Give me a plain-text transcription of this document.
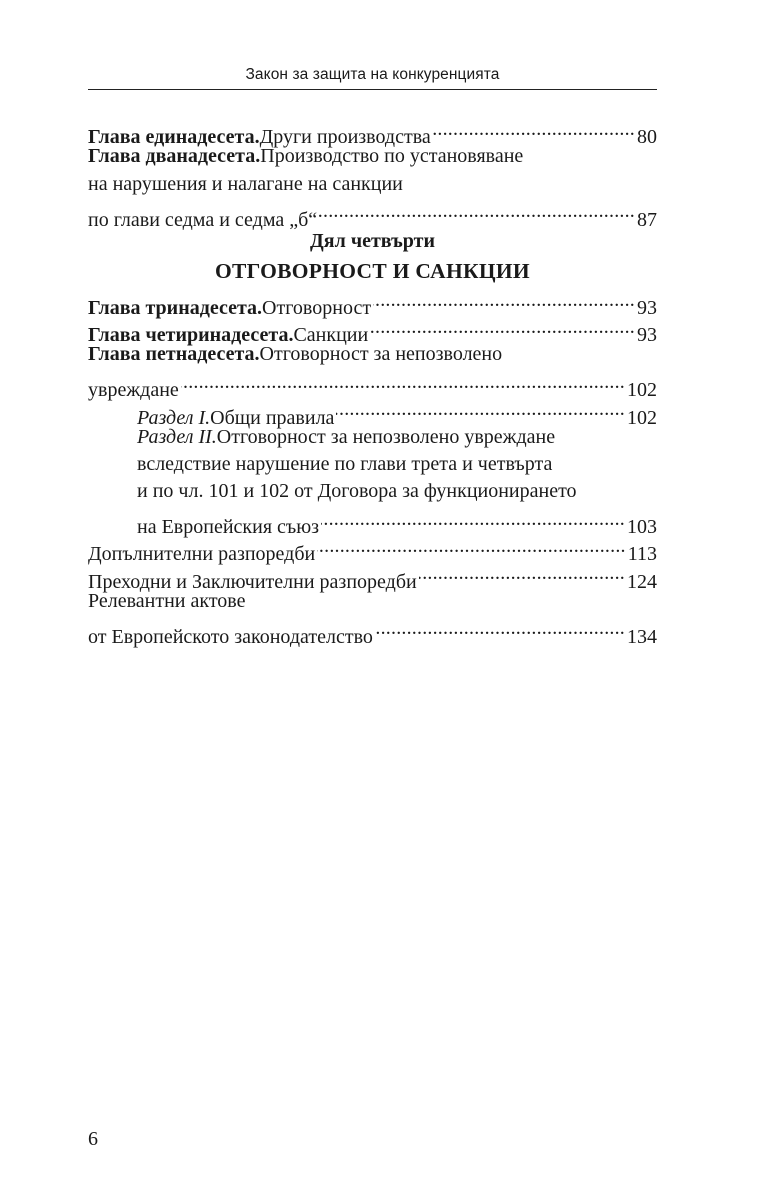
Закон за защита на конкуренцията
Глава единадесета. Други производства .....	80
Глава дванадесета. Производство по установяване
на нарушения и налагане на санкции
по глави седма и седма „б“ .....	87
Дял четвърти
ОТГОВОРНОСТ И САНКЦИИ
Глава тринадесета. Отговорност .....	93
Глава четиринадесета. Санкции .....	93
Глава петнадесета. Отговорност за непозволено
увреждане .....	102
Раздел I. Общи правила .....	102
Раздел II. Отговорност за непозволено увреждане
вследствие нарушение по глави трета и четвърта
и по чл. 101 и 102 от Договора за функционирането
на Европейския съюз .....	103
Допълнителни разпоредби .....	113
Преходни и Заключителни разпоредби .....	124
Релевантни актове
от Европейското законодателство .....	134
6
